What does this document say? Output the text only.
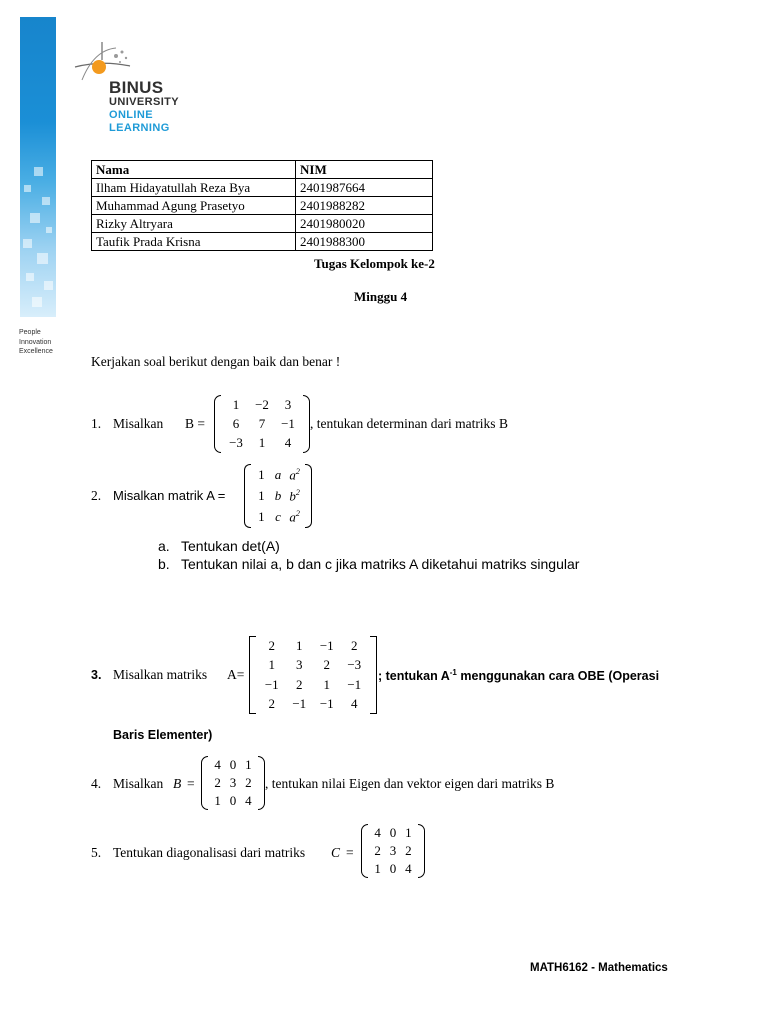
People
Innovation
Excellence
BINUS
UNIVERSITY
ONLINE
LEARNING
Nama	NIM
Ilham Hidayatullah Reza Bya	2401987664
Muhammad Agung Prasetyo	2401988282
Rizky Altryara	2401980020
Taufik Prada Krisna	2401988300
Tugas Kelompok ke-2
Minggu 4
Kerjakan soal berikut dengan baik dan benar !
1. Misalkan B =
1	−2	3
6	7	−1
−3	1	4
, tentukan determinan dari matriks B
2. Misalkan matrik A =
1 a $a^2$
1 b $b^2$
1 c $a^2$
a. Tentukan det(A)
b. Tentukan nilai a, b dan c jika matriks A diketahui matriks singular
3. Misalkan matriks A=
2	1	−1	2
1	3	2	−3
−1	2	1	−1
2	−1	−1	4
; tentukan $A^{-1}$ menggunakan cara OBE (Operasi
Baris Elementer)
4. Misalkan B =
4 0 1
2 3 2
1 0 4
, tentukan nilai Eigen dan vektor eigen dari matriks B
5. Tentukan diagonalisasi dari matriks C =
4 0 1
2 3 2
1 0 4
MATH6162 - Mathematics
